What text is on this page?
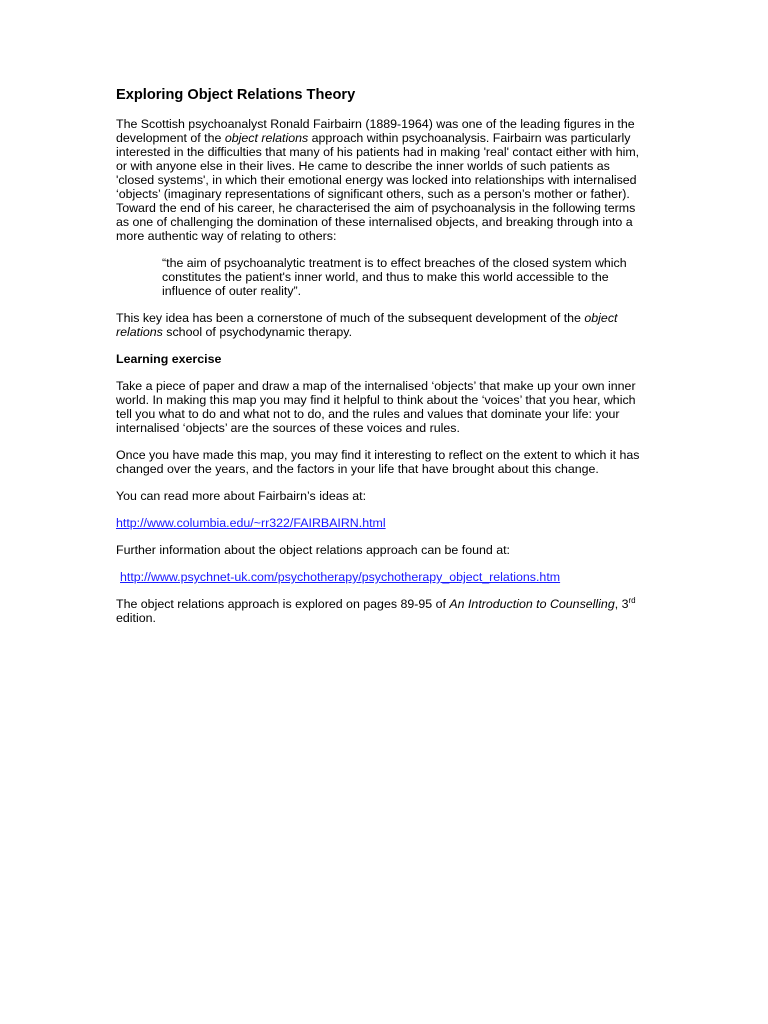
Exploring Object Relations Theory

The Scottish psychoanalyst Ronald Fairbairn (1889-1964) was one of the leading figures in the development of the object relations approach within psychoanalysis. Fairbairn was particularly interested in the difficulties that many of his patients had in making 'real' contact either with him, or with anyone else in their lives. He came to describe the inner worlds of such patients as 'closed systems', in which their emotional energy was locked into relationships with internalised ‘objects’ (imaginary representations of significant others, such as a person’s mother or father). Toward the end of his career, he characterised the aim of psychoanalysis in the following terms as one of challenging the domination of these internalised objects, and breaking through into a more authentic way of relating to others:

“the aim of psychoanalytic treatment is to effect breaches of the closed system which constitutes the patient's inner world, and thus to make this world accessible to the influence of outer reality”.

This key idea has been a cornerstone of much of the subsequent development of the object relations school of psychodynamic therapy.

Learning exercise

Take a piece of paper and draw a map of the internalised ‘objects’ that make up your own inner world. In making this map you may find it helpful to think about the ‘voices’ that you hear, which tell you what to do and what not to do, and the rules and values that dominate your life: your internalised ‘objects’ are the sources of these voices and rules.

Once you have made this map, you may find it interesting to reflect on the extent to which it has changed over the years, and the factors in your life that have brought about this change.

You can read more about Fairbairn’s ideas at:

http://www.columbia.edu/~rr322/FAIRBAIRN.html

Further information about the object relations approach can be found at:

http://www.psychnet-uk.com/psychotherapy/psychotherapy_object_relations.htm

The object relations approach is explored on pages 89-95 of An Introduction to Counselling, 3rd edition.
